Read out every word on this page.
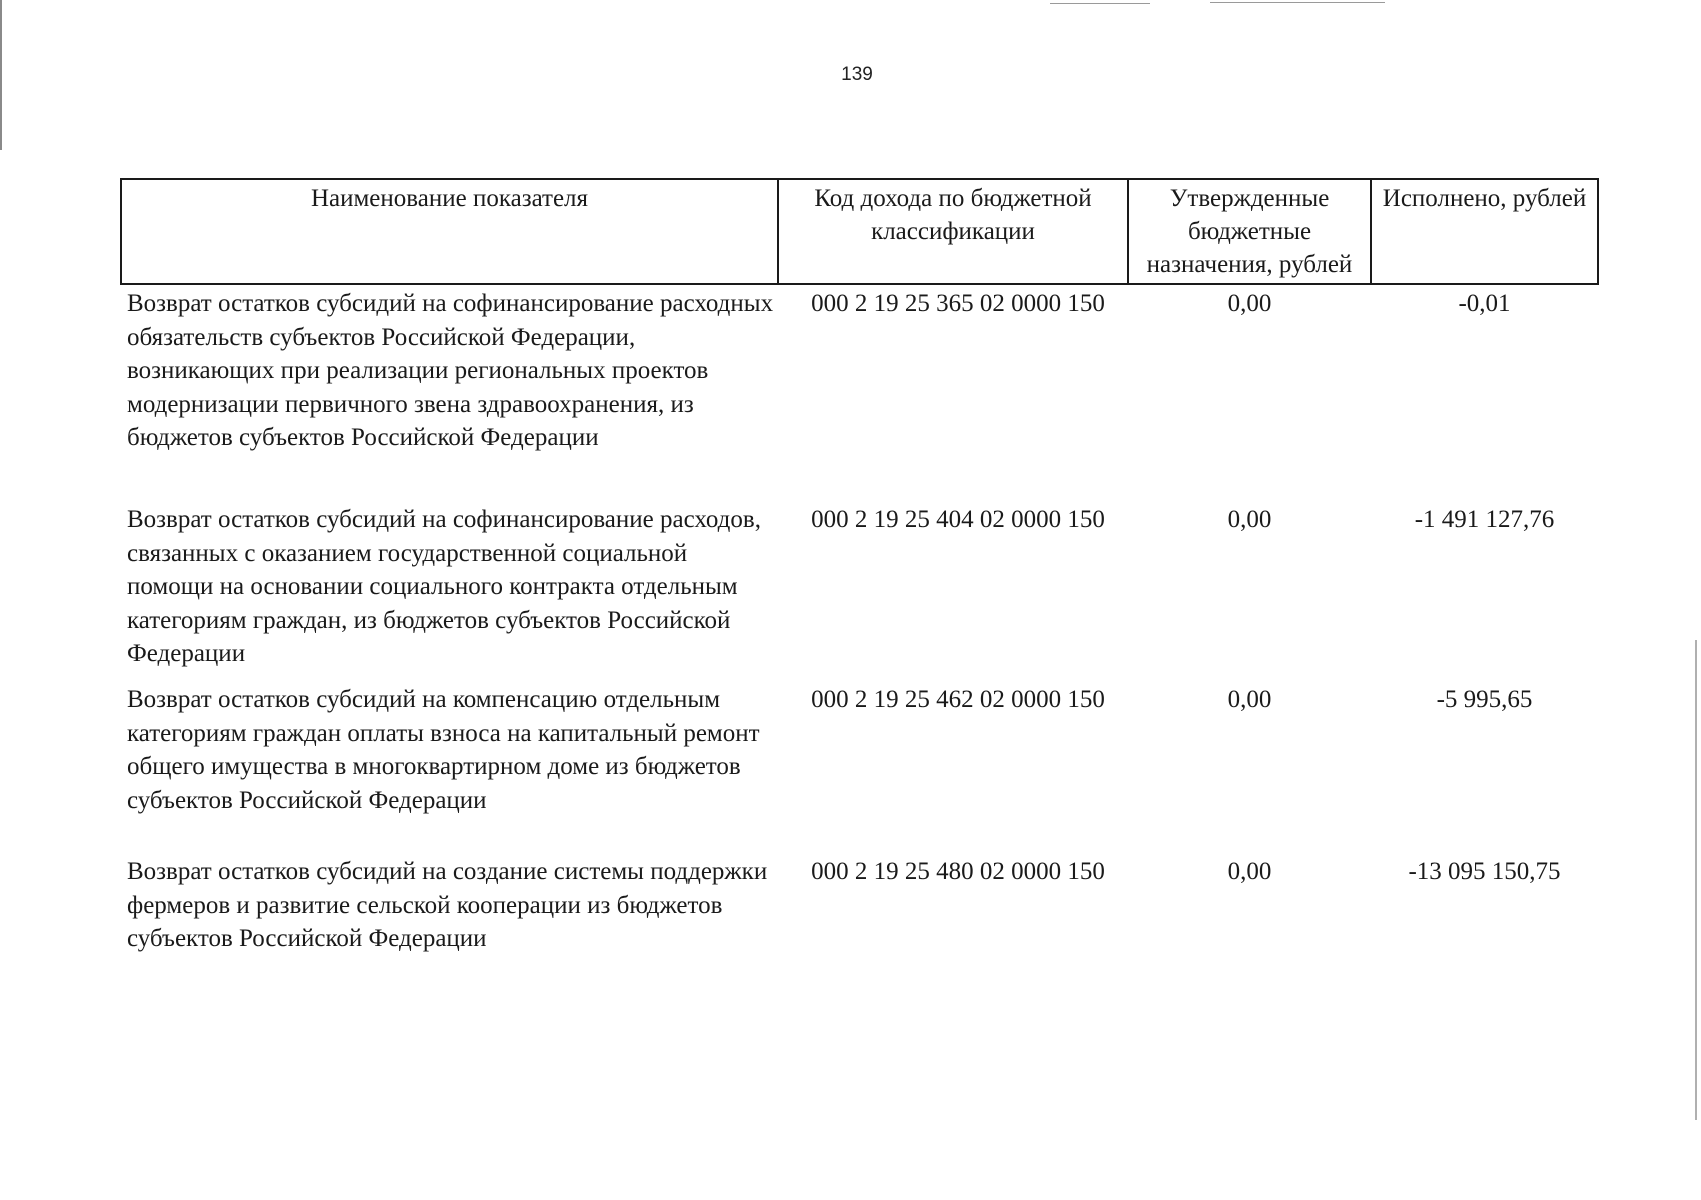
139
Наименование показателя	Код дохода по бюджетной классификации	Утвержденные бюджетные назначения, рублей	Исполнено, рублей
Возврат остатков субсидий на софинансирование расходных обязательств субъектов Российской Федерации, возникающих при реализации региональных проектов модернизации первичного звена здравоохранения, из бюджетов субъектов Российской Федерации	000 2 19 25 365 02 0000 150	0,00	-0,01
Возврат остатков субсидий на софинансирование расходов, связанных с оказанием государственной социальной помощи на основании социального контракта отдельным категориям граждан, из бюджетов субъектов Российской Федерации	000 2 19 25 404 02 0000 150	0,00	-1 491 127,76
Возврат остатков субсидий на компенсацию отдельным категориям граждан оплаты взноса на капитальный ремонт общего имущества в многоквартирном доме из бюджетов субъектов Российской Федерации	000 2 19 25 462 02 0000 150	0,00	-5 995,65
Возврат остатков субсидий на создание системы поддержки фермеров и развитие сельской кооперации из бюджетов субъектов Российской Федерации	000 2 19 25 480 02 0000 150	0,00	-13 095 150,75
